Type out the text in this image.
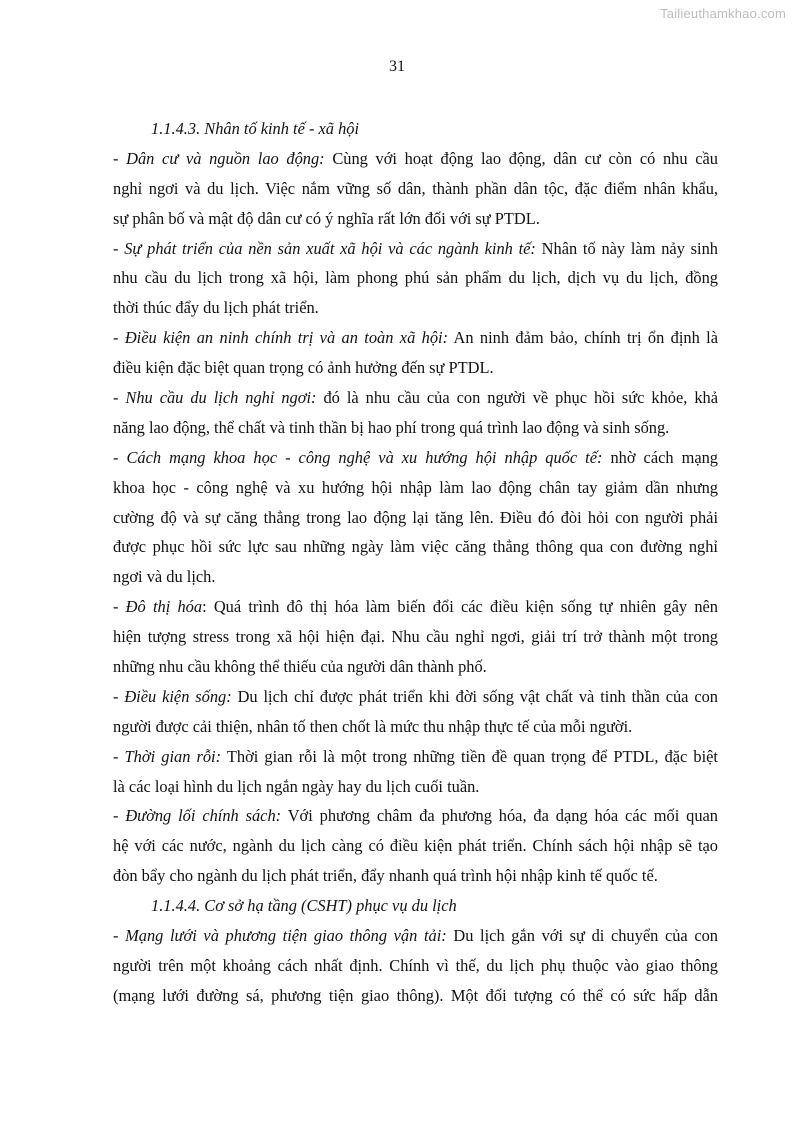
Tailieuthamkhao.com
31
1.1.4.3. Nhân tố kinh tế - xã hội
- Dân cư và nguồn lao động: Cùng với hoạt động lao động, dân cư còn có nhu cầu
nghỉ ngơi và du lịch. Việc nắm vững số dân, thành phần dân tộc, đặc điểm nhân khẩu,
sự phân bố và mật độ dân cư có ý nghĩa rất lớn đối với sự PTDL.
- Sự phát triển của nền sản xuất xã hội và các ngành kinh tế: Nhân tố này làm nảy sinh
nhu cầu du lịch trong xã hội, làm phong phú sản phẩm du lịch, dịch vụ du lịch, đồng
thời thúc đẩy du lịch phát triển.
- Điều kiện an ninh chính trị và an toàn xã hội: An ninh đảm bảo, chính trị ổn định là
điều kiện đặc biệt quan trọng có ảnh hưởng đến sự PTDL.
- Nhu cầu du lịch nghỉ ngơi: đó là nhu cầu của con người về phục hồi sức khỏe, khả
năng lao động, thể chất và tinh thần bị hao phí trong quá trình lao động và sinh sống.
- Cách mạng khoa học - công nghệ và xu hướng hội nhập quốc tế: nhờ cách mạng
khoa học - công nghệ và xu hướng hội nhập làm lao động chân tay giảm dần nhưng
cường độ và sự căng thẳng trong lao động lại tăng lên. Điều đó đòi hỏi con người phải
được phục hồi sức lực sau những ngày làm việc căng thẳng thông qua con đường nghỉ
ngơi và du lịch.
- Đô thị hóa: Quá trình đô thị hóa làm biến đổi các điều kiện sống tự nhiên gây nên
hiện tượng stress trong xã hội hiện đại. Nhu cầu nghỉ ngơi, giải trí trở thành một trong
những nhu cầu không thể thiếu của người dân thành phố.
- Điều kiện sống: Du lịch chỉ được phát triển khi đời sống vật chất và tinh thần của con
người được cải thiện, nhân tố then chốt là mức thu nhập thực tế của mỗi người.
- Thời gian rỗi: Thời gian rỗi là một trong những tiền đề quan trọng để PTDL, đặc biệt
là các loại hình du lịch ngắn ngày hay du lịch cuối tuần.
- Đường lối chính sách: Với phương châm đa phương hóa, đa dạng hóa các mối quan
hệ với các nước, ngành du lịch càng có điều kiện phát triển. Chính sách hội nhập sẽ tạo
đòn bẩy cho ngành du lịch phát triển, đẩy nhanh quá trình hội nhập kinh tế quốc tế.
1.1.4.4. Cơ sở hạ tầng (CSHT) phục vụ du lịch
- Mạng lưới và phương tiện giao thông vận tải: Du lịch gắn với sự di chuyển của con
người trên một khoảng cách nhất định. Chính vì thế, du lịch phụ thuộc vào giao thông
(mạng lưới đường sá, phương tiện giao thông). Một đối tượng có thể có sức hấp dẫn
